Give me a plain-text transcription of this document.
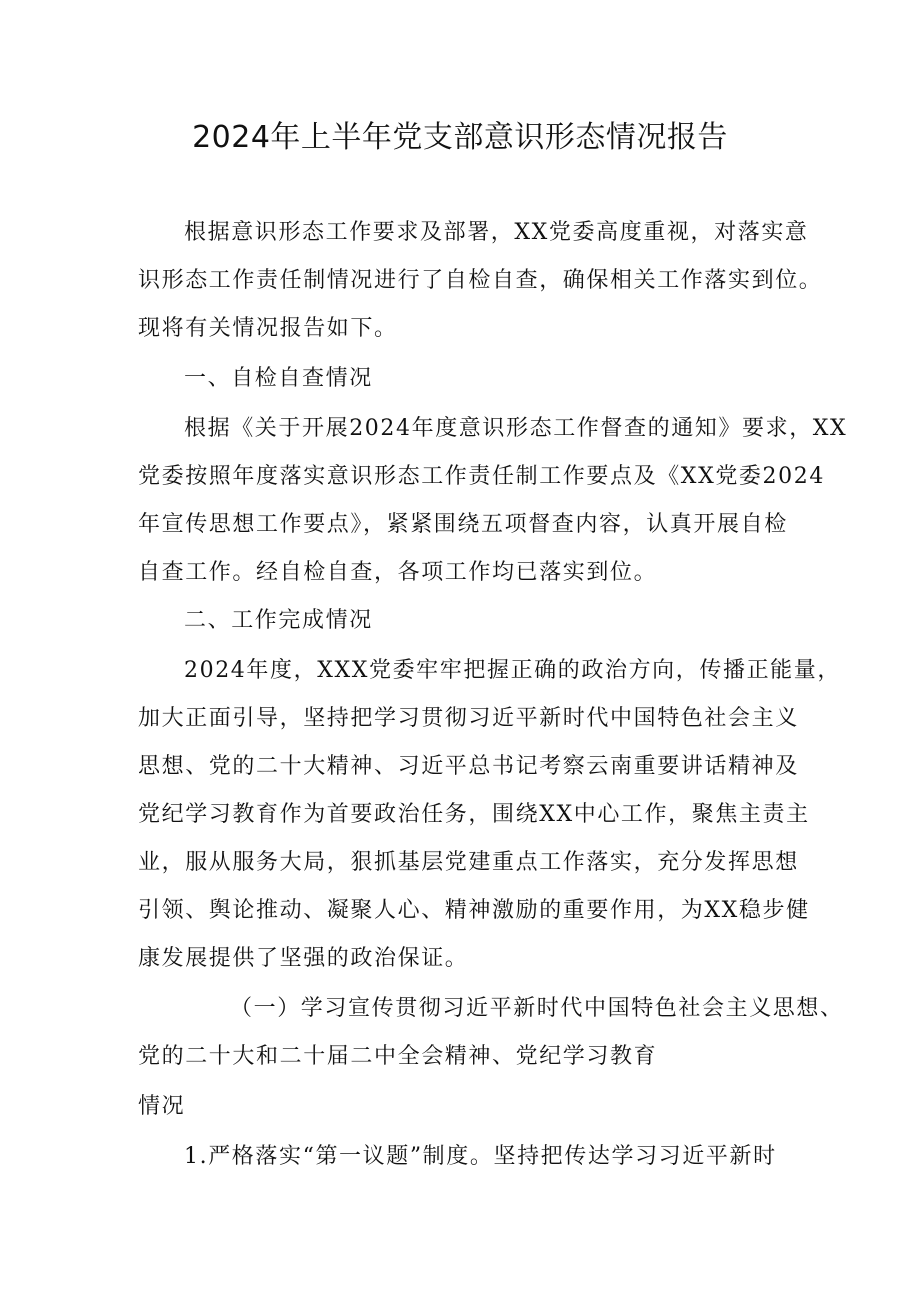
2024年上半年党支部意识形态情况报告
根据意识形态工作要求及部署，XX党委高度重视，对落实意
识形态工作责任制情况进行了自检自查，确保相关工作落实到位。
现将有关情况报告如下。
一、自检自查情况
根据《关于开展2024年度意识形态工作督查的通知》要求，XX
党委按照年度落实意识形态工作责任制工作要点及《XX党委2024
年宣传思想工作要点》，紧紧围绕五项督查内容，认真开展自检
自查工作。经自检自查，各项工作均已落实到位。
二、工作完成情况
2024年度，XXX党委牢牢把握正确的政治方向，传播正能量，
加大正面引导，坚持把学习贯彻习近平新时代中国特色社会主义
思想、党的二十大精神、习近平总书记考察云南重要讲话精神及
党纪学习教育作为首要政治任务，围绕XX中心工作，聚焦主责主
业，服从服务大局，狠抓基层党建重点工作落实，充分发挥思想
引领、舆论推动、凝聚人心、精神激励的重要作用，为XX稳步健
康发展提供了坚强的政治保证。
（一）学习宣传贯彻习近平新时代中国特色社会主义思想、
党的二十大和二十届二中全会精神、党纪学习教育
情况
1.严格落实“第一议题”制度。坚持把传达学习习近平新时
